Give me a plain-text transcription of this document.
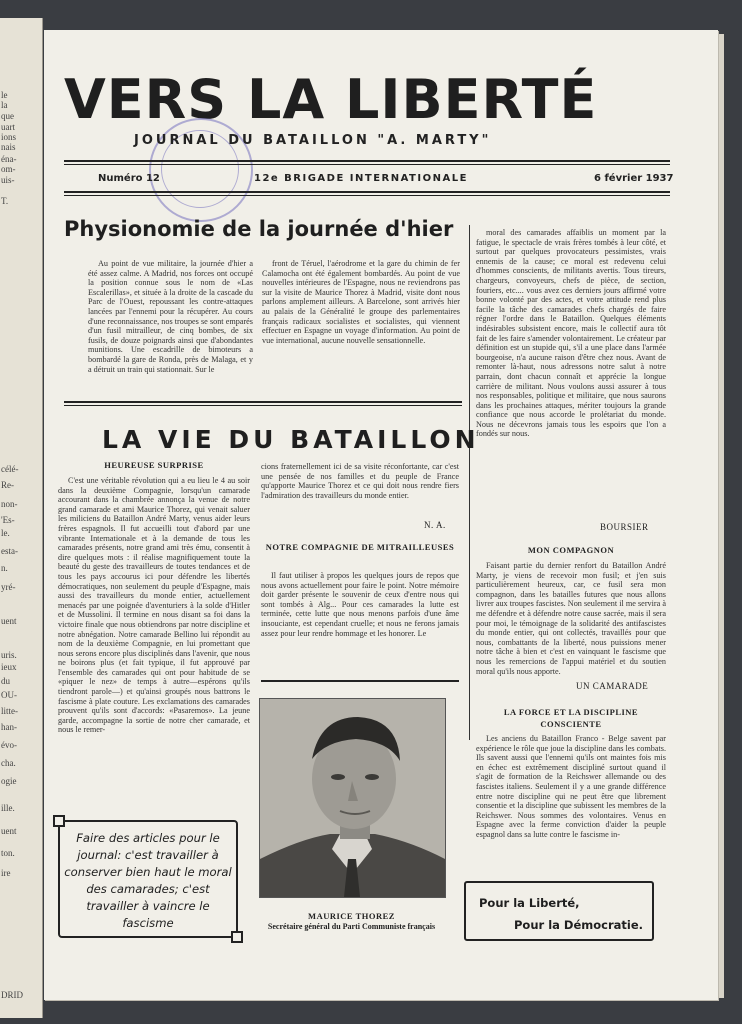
le
la
que
uart
ions
nais
éna-
om-
uis-
T.
célé-
Re-
non-
'Es-
le.
esta-
n.
yré-
uent
uris.
ieux
du
OU-
litte-
han-
évo-
cha.
ogie
ille.
uent
ton.
ire
DRID
VERS LA LIBERTÉ
JOURNAL DU BATAILLON "A. MARTY"
Numéro 12	12e BRIGADE INTERNATIONALE	6 février 1937
Physionomie de la journée d'hier

Au point de vue militaire, la journée d'hier a été assez calme. A Madrid, nos forces ont occupé la position connue sous le nom de «Las Escalerillas», et située à la droite de la cascade du Parc de l'Ouest, repoussant les contre-attaques lancées par l'ennemi pour la récupérer. Au cours d'une reconnaissance, nos troupes se sont emparés d'un fusil mitrailleur, de cinq bombes, de six fusils, de douze poignards ainsi que d'abondantes munitions. Une escadrille de bimoteurs a bombardé la gare de Ronda, près de Malaga, et y a détruit un train qui stationnait. Sur le

front de Téruel, l'aérodrome et la gare du chimin de fer Calamocha ont été également bombardés. Au point de vue nouvelles intérieures de l'Espagne, nous ne reviendrons pas sur la visite de Maurice Thorez à Madrid, visite dont nous parlons amplement ailleurs. A Barcelone, sont arrivés hier au palais de la Généralité le groupe des parlementaires français radicaux socialistes et socialistes, qui viennent effectuer en Espagne un voyage d'information. Au point de vue international, aucune nouvelle sensationnelle.

moral des camarades affaiblis un moment par la fatigue, le spectacle de vrais frères tombés à leur côté, et surtout par quelques provocateurs pessimistes, vrais ennemis de la cause; ce moral est redevenu celui d'hommes conscients, de militants avertis. Tous tireurs, chargeurs, convoyeurs, chefs de pièce, de section, fouriers, etc.... vous avez ces derniers jours affirmé votre bonne volonté par des actes, et votre attitude rend plus facile la tâche des camarades chefs chargés de faire régner l'ordre dans le Bataillon. Quelques éléments indésirables subsistent encore, mais le collectif aura tôt fait de les faire s'amender volontairement. Le créateur par définition est un stupide qui, s'il a une place dans l'armée bourgeoise, n'a aucune raison d'être chez nous. Avant de remonter là-haut, nous adressons notre salut à notre parrain, dont chacun connaît et apprécie la longue carrière de militant. Nous voulons aussi assurer à tous nos responsables, politique et militaire, que nous saurons dans les prochaines attaques, mériter toujours la grande confiance que nous accorde le prolétariat du monde. Nous ne décevrons jamais tous les espoirs que l'on a fondés sur nous.

BOURSIER
MON COMPAGNON

Faisant partie du dernier renfort du Bataillon André Marty, je viens de recevoir mon fusil; et j'en suis particulièrement heureux, car, ce fusil sera mon compagnon, dans les batailles futures que nous allons livrer aux troupes fascistes. Non seulement il me servira à me défendre et à défendre notre cause sacrée, mais il sera pour moi, le témoignage de la solidarité des antifascistes du monde entier, qui ont collectés, travaillés pour que nous, combattants de la liberté, nous puissions mener notre tâche à bien et c'est en vainquant le fascisme que nous les remercions de l'appui matériel et du soutien moral qu'ils nous apporte.

UN CAMARADE
LA FORCE ET LA DISCIPLINE CONSCIENTE

Les anciens du Bataillon Franco - Belge savent par expérience le rôle que joue la discipline dans les combats. Ils savent aussi que l'ennemi qu'ils ont maintes fois mis en échec est extrêmement discipliné surtout quand il s'agit de formation de la Reichswer allemande ou des fascistes italiens. Seulement il y a une grande différence entre notre discipline qui ne peut être que librement consentie et la discipline que subissent les membres de la Reichswer. Nous sommes des volontaires. Venus en Espagne avec la ferme conviction d'aider la peuple espagnol dans sa lutte contre le fascisme in-

LA VIE DU BATAILLON
HEUREUSE SURPRISE

C'est une véritable révolution qui a eu lieu le 4 au soir dans la deuxième Compagnie, lorsqu'un camarade accourant dans la chambrée annonça la venue de notre grand camarade et ami Maurice Thorez, qui venait saluer les miliciens du Bataillon André Marty, venus aider leurs frères espagnols. Il fut accueilli tout d'abord par une vibrante Internationale et à la demande de tous les camarades présents, notre grand ami très ému, consentit à dire quelques mots : il réalise magnifiquement toute la beauté du geste des travailleurs de toutes tendances et de tous les pays accourus ici pour défendre les libertés démocratiques, non seulement du peuple d'Espagne, mais aussi des travailleurs du monde entier, actuellement menacés par une poignée d'aventuriers à la solde d'Hitler et de Mussolini. Il termine en nous disant sa foi dans la victoire finale que nous obtiendrons par notre discipline et notre abnégation. Notre camarade Bellino lui répondit au nom de la deuxième Compagnie, en lui promettant que nous serons encore plus disciplinés dans l'avenir, que nous ne boirons plus (et fait typique, il fut approuvé par l'ensemble des camarades qui ont pour habitude de se «piquer le nez» de temps à autre—espérons qu'ils tiendront parole—) et qu'ainsi groupés nous battrons le fascisme à plate couture. Les exclamations des camarades prouvent qu'ils sont d'accords: «Pasaremos». La jeune garde, accompagne la sortie de notre cher camarade, et nous le remer-

cions fraternellement ici de sa visite réconfortante, car c'est une pensée de nos familles et du peuple de France qu'apporte Maurice Thorez et ce qui doit nous rendre fiers l'admiration des travailleurs du monde entier.

N. A.
NOTRE COMPAGNIE DE MITRAILLEUSES

Il faut utiliser à propos les quelques jours de repos que nous avons actuellement pour faire le point. Notre mémoire doit garder présente le souvenir de ceux d'entre nous qui sont tombés à Alg... Pour ces camarades la lutte est terminée, cette lutte que nous menons parfois d'une âme insouciante, est cependant cruelle; et nous ne ferons jamais assez pour leur rendre hommage et les honorer. Le

MAURICE THOREZ
Secrétaire général du Parti Communiste français
Faire des articles pour le journal: c'est travailler à conserver bien haut le moral des camarades; c'est travailler à vaincre le fascisme
Pour la Liberté,
Pour la Démocratie.
